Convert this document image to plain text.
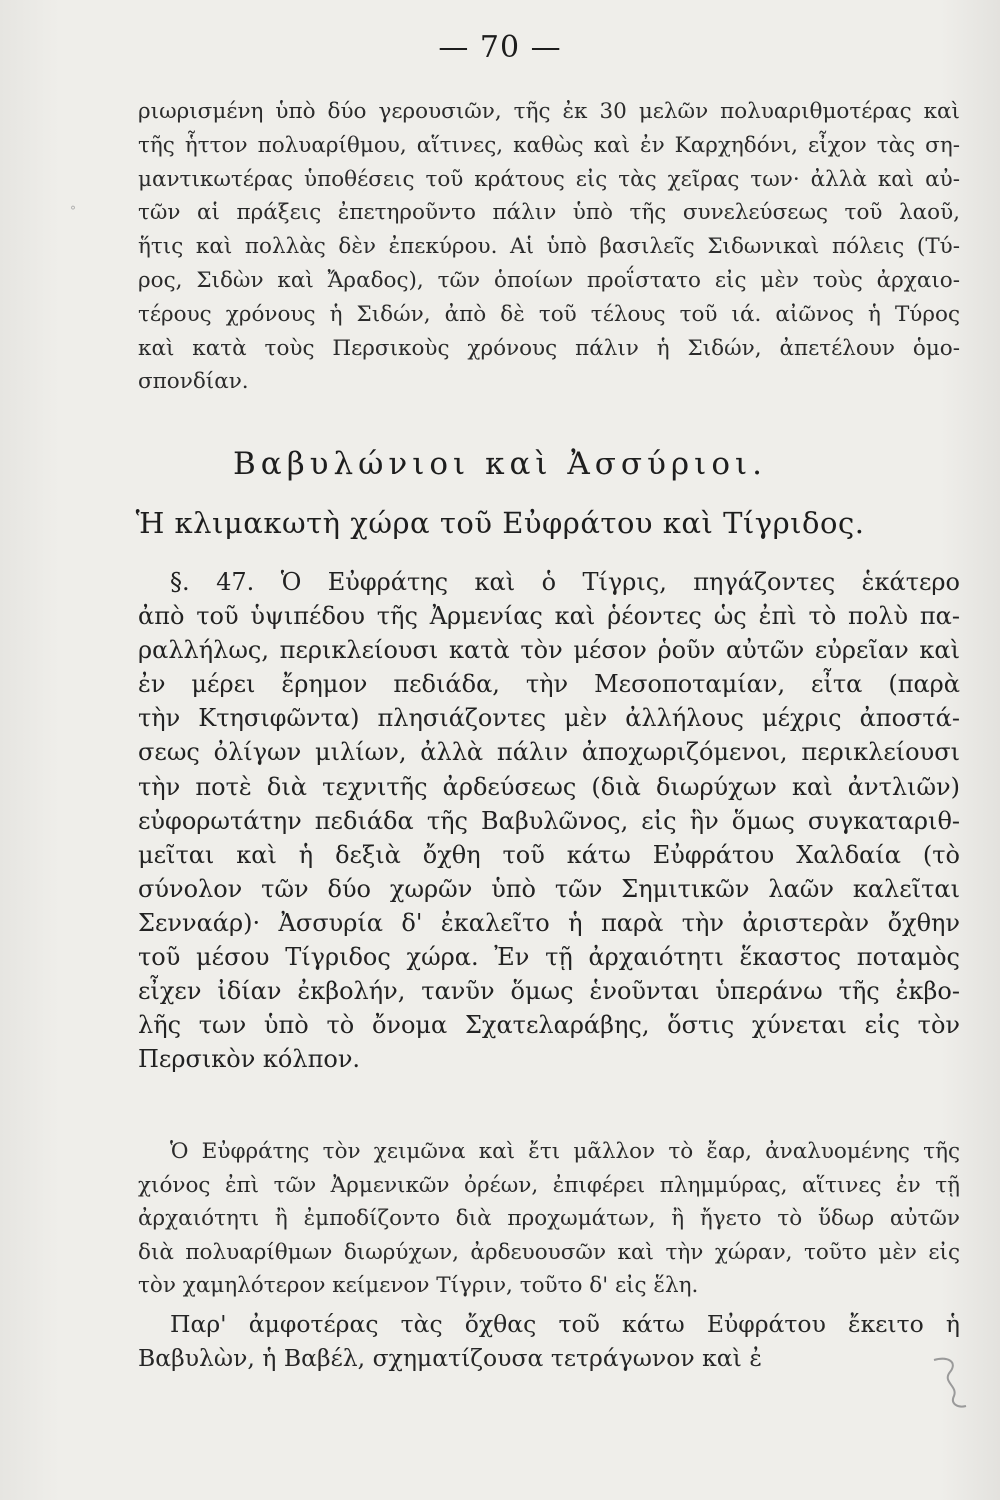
— 70 —
ριωρισμένη ὑπὸ δύο γερουσιῶν, τῆς ἐκ 30 μελῶν πολυαριθμοτέρας καὶ
τῆς ἧττον πολυαρίθμου, αἵτινες, καθὼς καὶ ἐν Καρχηδόνι, εἶχον τὰς ση-
μαντικωτέρας ὑποθέσεις τοῦ κράτους εἰς τὰς χεῖρας των· ἀλλὰ καὶ αὐ-
τῶν αἱ πράξεις ἐπετηροῦντο πάλιν ὑπὸ τῆς συνελεύσεως τοῦ λαοῦ,
ἥτις καὶ πολλὰς δὲν ἐπεκύρου. Αἱ ὑπὸ βασιλεῖς Σιδωνικαὶ πόλεις (Τύ-
ρος, Σιδὼν καὶ Ἄραδος), τῶν ὁποίων προΐστατο εἰς μὲν τοὺς ἀρχαιο-
τέρους χρόνους ἡ Σιδών, ἀπὸ δὲ τοῦ τέλους τοῦ ιά. αἰῶνος ἡ Τύρος
καὶ κατὰ τοὺς Περσικοὺς χρόνους πάλιν ἡ Σιδών, ἀπετέλουν ὁμο-
σπονδίαν.
Βαβυλώνιοι καὶ Ἀσσύριοι.
Ἡ κλιμακωτὴ χώρα τοῦ Εὐφράτου καὶ Τίγριδος.
§. 47. Ὁ Εὐφράτης καὶ ὁ Τίγρις, πηγάζοντες ἑκάτερο
ἀπὸ τοῦ ὑψιπέδου τῆς Ἀρμενίας καὶ ῥέοντες ὡς ἐπὶ τὸ πολὺ πα-
ραλλήλως, περικλείουσι κατὰ τὸν μέσον ῥοῦν αὐτῶν εὐρεῖαν καὶ
ἐν μέρει ἔρημον πεδιάδα, τὴν Μεσοποταμίαν, εἶτα (παρὰ
τὴν Κτησιφῶντα) πλησιάζοντες μὲν ἀλλήλους μέχρις ἀποστά-
σεως ὀλίγων μιλίων, ἀλλὰ πάλιν ἀποχωριζόμενοι, περικλείουσι
τὴν ποτὲ διὰ τεχνιτῆς ἀρδεύσεως (διὰ διωρύχων καὶ ἀντλιῶν)
εὐφορωτάτην πεδιάδα τῆς Βαβυλῶνος, εἰς ἣν ὅμως συγκαταριθ-
μεῖται καὶ ἡ δεξιὰ ὄχθη τοῦ κάτω Εὐφράτου Χαλδαία (τὸ
σύνολον τῶν δύο χωρῶν ὑπὸ τῶν Σημιτικῶν λαῶν καλεῖται
Σενναάρ)· Ἀσσυρία δ' ἐκαλεῖτο ἡ παρὰ τὴν ἀριστερὰν ὄχθην
τοῦ μέσου Τίγριδος χώρα. Ἐν τῇ ἀρχαιότητι ἕκαστος ποταμὸς
εἶχεν ἰδίαν ἐκβολήν, τανῦν ὅμως ἑνοῦνται ὑπεράνω τῆς ἐκβο-
λῆς των ὑπὸ τὸ ὄνομα Σχατελαράβης, ὅστις χύνεται εἰς τὸν
Περσικὸν κόλπον.
Ὁ Εὐφράτης τὸν χειμῶνα καὶ ἔτι μᾶλλον τὸ ἔαρ, ἀναλυομένης τῆς
χιόνος ἐπὶ τῶν Ἀρμενικῶν ὀρέων, ἐπιφέρει πλημμύρας, αἵτινες ἐν τῇ
ἀρχαιότητι ἢ ἐμποδίζοντο διὰ προχωμάτων, ἢ ἤγετο τὸ ὕδωρ αὐτῶν
διὰ πολυαρίθμων διωρύχων, ἀρδευουσῶν καὶ τὴν χώραν, τοῦτο μὲν εἰς
τὸν χαμηλότερον κείμενον Τίγριν, τοῦτο δ' εἰς ἕλη.
Παρ' ἀμφοτέρας τὰς ὄχθας τοῦ κάτω Εὐφράτου ἔκειτο ἡ
Βαβυλὼν, ἡ Βαβέλ, σχηματίζουσα τετράγωνον καὶ ἐ
°
